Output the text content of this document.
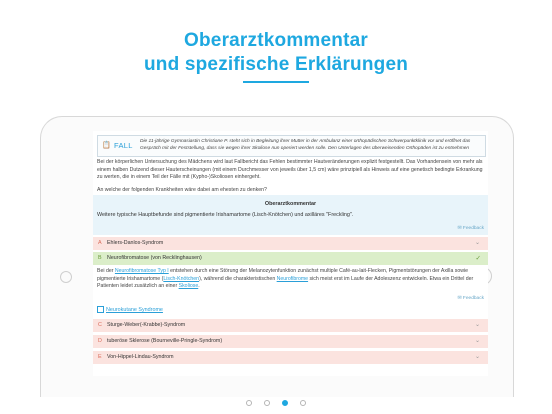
Oberarztkommentar
und spezifische Erklärungen
📋 FALL Die 11-jährige Gymnasiastin Christiane P. steht sich in Begleitung ihrer Mutter in der Ambulanz einer orthopädischen Schwerpunktklinik vor und eröffnet das Gespräch mit der Feststellung, dass sie wegen ihrer Skoliose nun operiert werden solle. Den Unterlagen des überweisenden Orthopäden ist zu entnehmen
Bei der körperlichen Untersuchung des Mädchens wird laut Fallbericht das Fehlen bestimmter Hautveränderungen explizit festgestellt. Das Vorhandensein von mehr als einem halben Dutzend dieser Hauterscheinungen (mit einem Durchmesser von jeweils über 1,5 cm) wäre prinzipiell als Hinweis auf eine genetisch bedingte Erkrankung zu werten, die in einem Teil der Fälle mit (Kypho-)Skoliosen einhergeht.
An welche der folgenden Krankheiten wäre dabei am ehesten zu denken?
Oberarztkommentar
Weitere typische Hauptbefunde sind pigmentierte Irishamartome (Lisch-Knötchen) und axilläres "Freckling".
✉ Feedback
A Ehlers-Danlos-Syndrom	⌄
B Neurofibromatose (von Recklinghausen)	✓
Bei der Neurofibromatose Typ I entstehen durch eine Störung der Melanozytenfunktion zunächst multiple Café-au-lait-Flecken, Pigmentstörungen der Axilla sowie pigmentierte Irishamartome (Lisch-Knötchen), während die charakteristischen Neurofibrome sich meist erst im Laufe der Adoleszenz entwickeln. Etwa ein Drittel der Patienten leidet zusätzlich an einer Skoliose.
✉ Feedback
Neurokutane Syndrome
C Sturge-Weber(-Krabbe)-Syndrom	⌄
D tuberöse Sklerose (Bourneville-Pringle-Syndrom)	⌄
E Von-Hippel-Lindau-Syndrom	⌄
